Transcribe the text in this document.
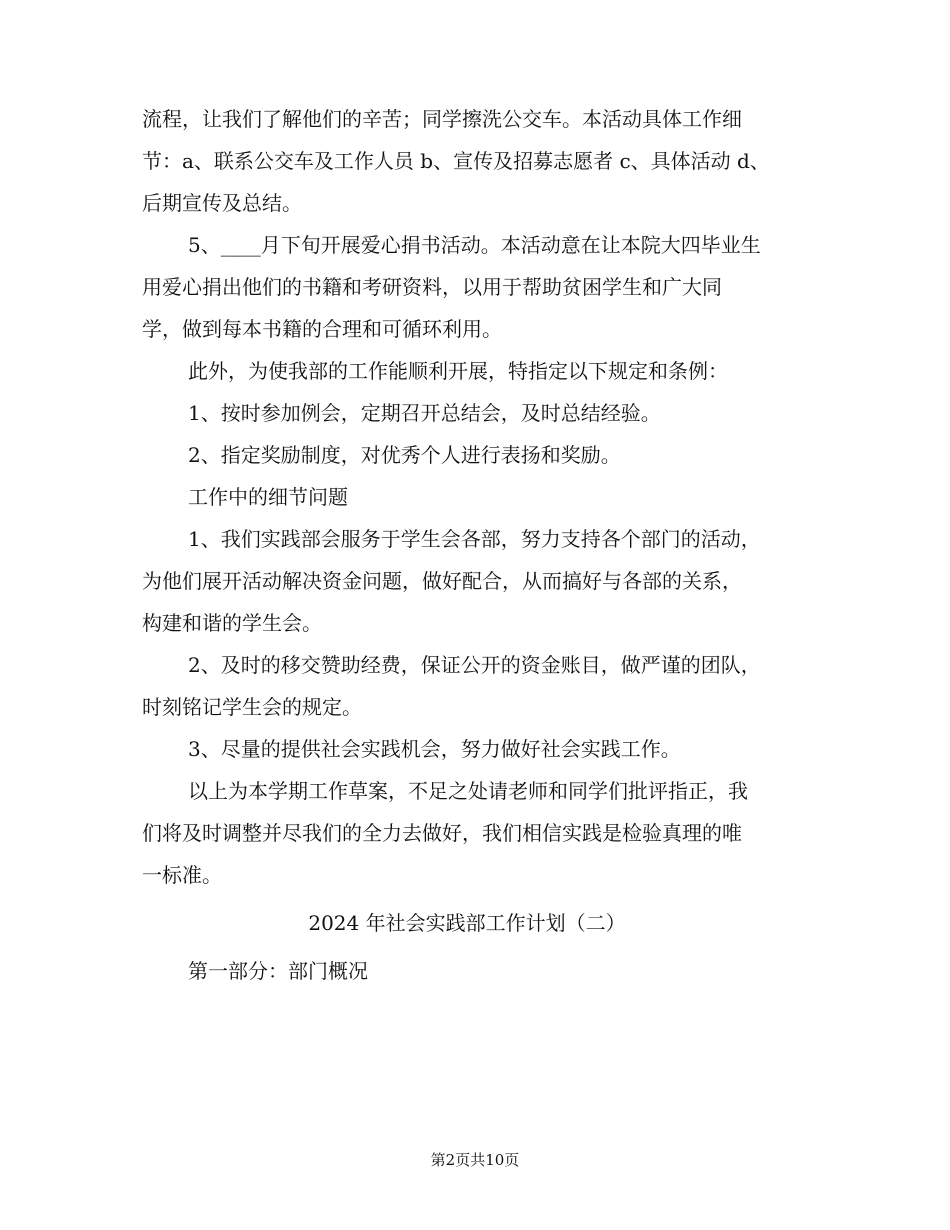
流程，让我们了解他们的辛苦；同学擦洗公交车。本活动具体工作细
节：a、联系公交车及工作人员 b、宣传及招募志愿者 c、具体活动 d、
后期宣传及总结。
5、____月下旬开展爱心捐书活动。本活动意在让本院大四毕业生
用爱心捐出他们的书籍和考研资料，以用于帮助贫困学生和广大同
学，做到每本书籍的合理和可循环利用。
此外，为使我部的工作能顺利开展，特指定以下规定和条例：
1、按时参加例会，定期召开总结会，及时总结经验。
2、指定奖励制度，对优秀个人进行表扬和奖励。
工作中的细节问题
1、我们实践部会服务于学生会各部，努力支持各个部门的活动，
为他们展开活动解决资金问题，做好配合，从而搞好与各部的关系，
构建和谐的学生会。
2、及时的移交赞助经费，保证公开的资金账目，做严谨的团队，
时刻铭记学生会的规定。
3、尽量的提供社会实践机会，努力做好社会实践工作。
以上为本学期工作草案，不足之处请老师和同学们批评指正，我
们将及时调整并尽我们的全力去做好，我们相信实践是检验真理的唯
一标准。
2024 年社会实践部工作计划（二）
第一部分：部门概况
第2页共10页
